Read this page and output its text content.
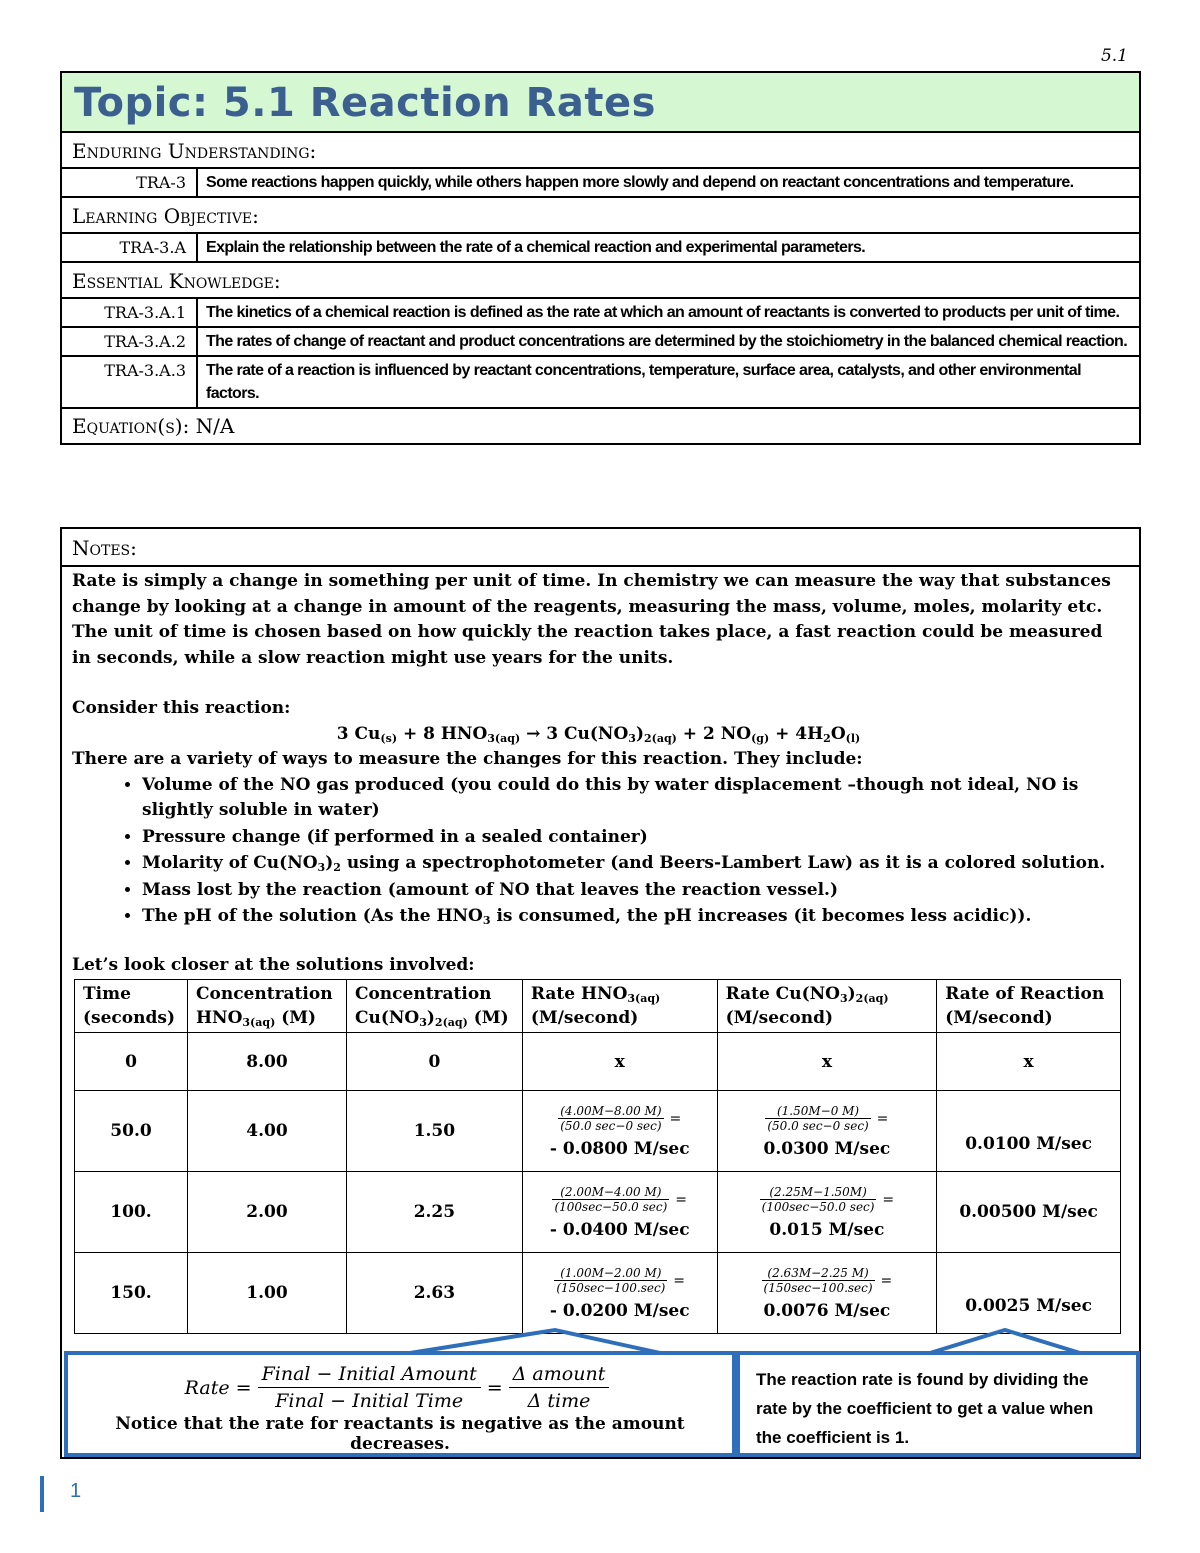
5.1
Topic: 5.1 Reaction Rates
Enduring Understanding:
TRA-3	Some reactions happen quickly, while others happen more slowly and depend on reactant concentrations and temperature.
Learning Objective:
TRA-3.A	Explain the relationship between the rate of a chemical reaction and experimental parameters.
Essential Knowledge:
TRA-3.A.1	The kinetics of a chemical reaction is defined as the rate at which an amount of reactants is converted to products per unit of time.
TRA-3.A.2	The rates of change of reactant and product concentrations are determined by the stoichiometry in the balanced chemical reaction.
TRA-3.A.3	The rate of a reaction is influenced by reactant concentrations, temperature, surface area, catalysts, and other environmental factors.
Equation(s): N/A
Notes:

Rate is simply a change in something per unit of time. In chemistry we can measure the way that substances change by looking at a change in amount of the reagents, measuring the mass, volume, moles, molarity etc. The unit of time is chosen based on how quickly the reaction takes place, a fast reaction could be measured in seconds, while a slow reaction might use years for the units.

Consider this reaction:

3 $Cu_{(s)} + 8$ $HNO_{3(aq)} \to 3$ $Cu(NO_3)_{2(aq)} + 2$ $NO_{(g)} + 4H_2O_{(l)}$

There are a variety of ways to measure the changes for this reaction. They include:

• Volume of the NO gas produced (you could do this by water displacement –though not ideal, NO is slightly soluble in water)
• Pressure change (if performed in a sealed container)
• Molarity of $Cu(NO_3)_2$ using a spectrophotometer (and Beers-Lambert Law) as it is a colored solution.
• Mass lost by the reaction (amount of NO that leaves the reaction vessel.)
• The pH of the solution (As the $HNO_3$ is consumed, the pH increases (it becomes less acidic)).

Let’s look closer at the solutions involved:

Time
(seconds)	Concentration
$HNO_{3(aq)}$ (M)	Concentration
$Cu(NO_3)_{2(aq)}$ (M)	Rate $HNO_{3(aq)}$
(M/second)	Rate $Cu(NO_3)_{2(aq)}$
(M/second)	Rate of Reaction
(M/second)
0	8.00	0	x	x	x
50.0	4.00	1.50	$\frac{(4.00M-8.00 M)}{(50.0 \sec-0 \sec)}$ =
- 0.0800 M/sec	$\frac{(1.50M-0 M)}{(50.0 \sec-0 \sec)}$ =
0.0300 M/sec	0.0100 M/sec
100.	2.00	2.25	$\frac{(2.00M-4.00 M)}{(100\sec-50.0 \sec)}$ =
- 0.0400 M/sec	$\frac{(2.25M-1.50M)}{(100\sec-50.0 \sec)}$ =
0.015 M/sec	0.00500 M/sec
150.	1.00	2.63	$\frac{(1.00M-2.00 M)}{(150\sec-100.\sec)}$ =
- 0.0200 M/sec	$\frac{(2.63M-2.25 M)}{(150\sec-100.\sec)}$ =
0.0076 M/sec	0.0025 M/sec
Rate = $\frac{\text{Final − Initial Amount}}{\text{Final − Initial Time}} = \frac{\text{Δ amount}}{\text{Δ time}}$
Notice that the rate for reactants is negative as the amount decreases.
The reaction rate is found by dividing the rate by the coefficient to get a value when the coefficient is 1.
1
